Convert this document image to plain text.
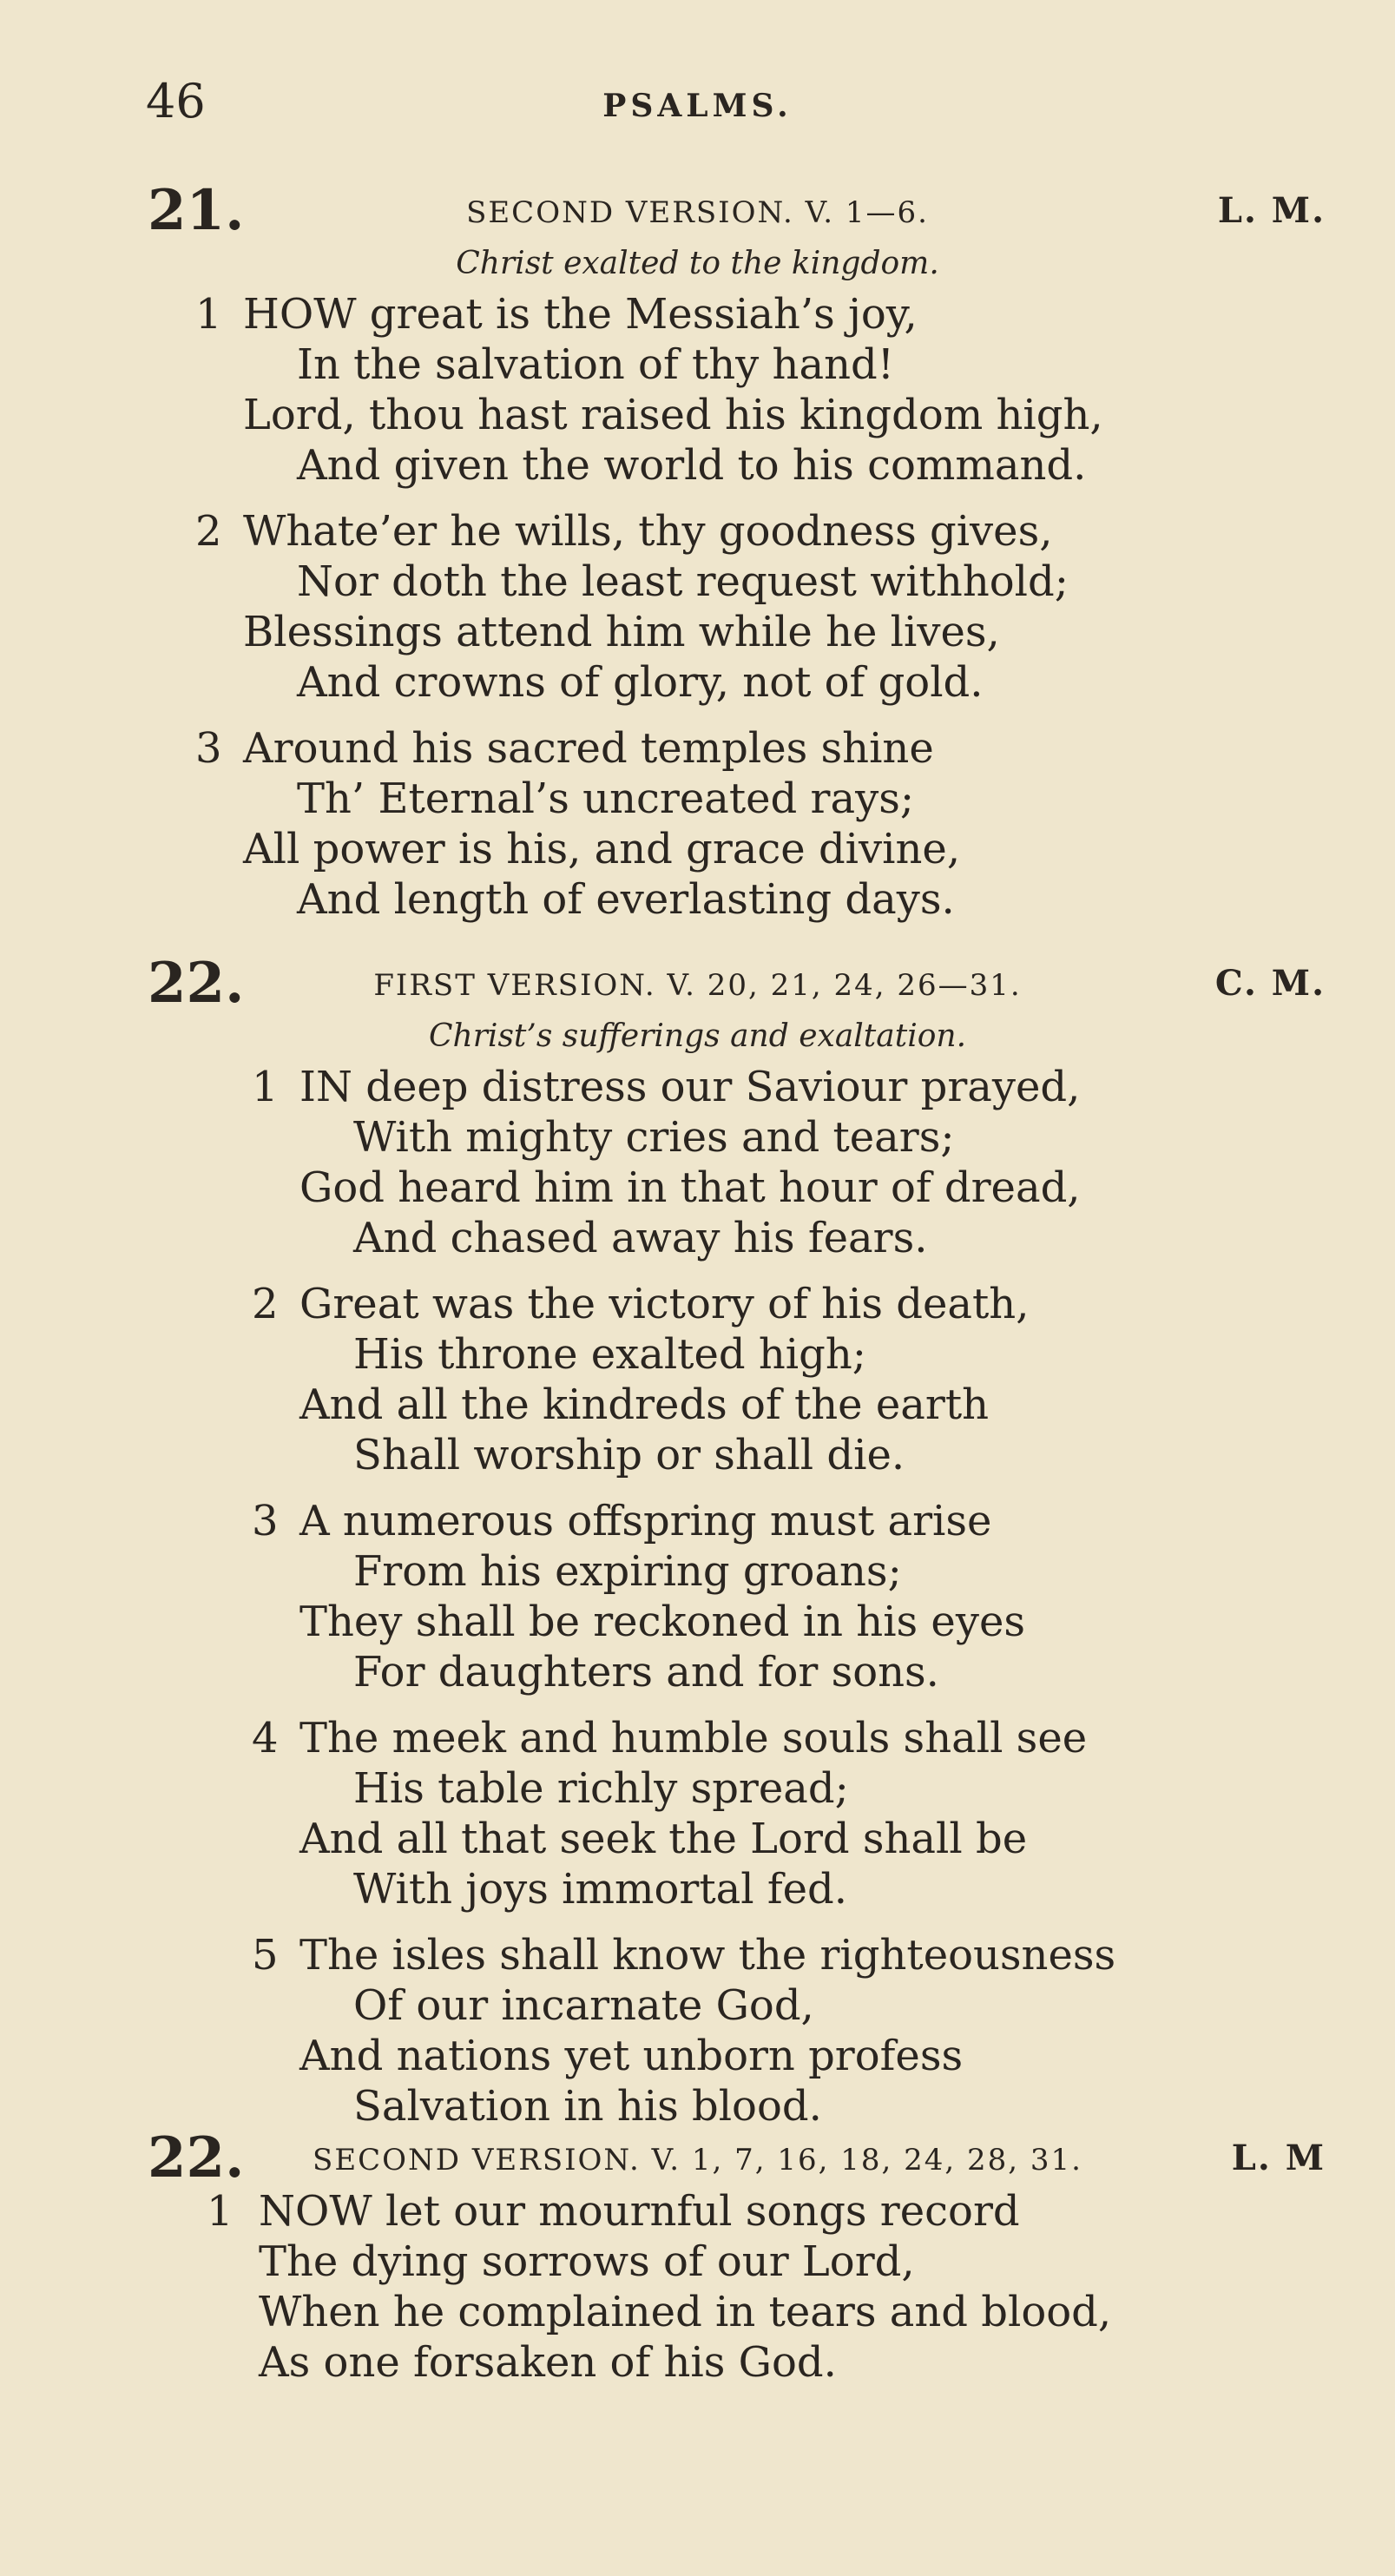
46	PSALMS.
21.	SECOND VERSION. V. 1—6.	L. M.
Christ exalted to the kingdom.
1 HOW great is the Messiah’s joy,
In the salvation of thy hand!
Lord, thou hast raised his kingdom high,
And given the world to his command.
2 Whate’er he wills, thy goodness gives,
Nor doth the least request withhold;
Blessings attend him while he lives,
And crowns of glory, not of gold.
3 Around his sacred temples shine
Th’ Eternal’s uncreated rays;
All power is his, and grace divine,
And length of everlasting days.
22.	FIRST VERSION. V. 20, 21, 24, 26—31.	C. M.
Christ’s sufferings and exaltation.
1 IN deep distress our Saviour prayed,
With mighty cries and tears;
God heard him in that hour of dread,
And chased away his fears.
2 Great was the victory of his death,
His throne exalted high;
And all the kindreds of the earth
Shall worship or shall die.
3 A numerous offspring must arise
From his expiring groans;
They shall be reckoned in his eyes
For daughters and for sons.
4 The meek and humble souls shall see
His table richly spread;
And all that seek the Lord shall be
With joys immortal fed.
5 The isles shall know the righteousness
Of our incarnate God,
And nations yet unborn profess
Salvation in his blood.
22.	SECOND VERSION. V. 1, 7, 16, 18, 24, 28, 31.	L. M
1 NOW let our mournful songs record
The dying sorrows of our Lord,
When he complained in tears and blood,
As one forsaken of his God.
